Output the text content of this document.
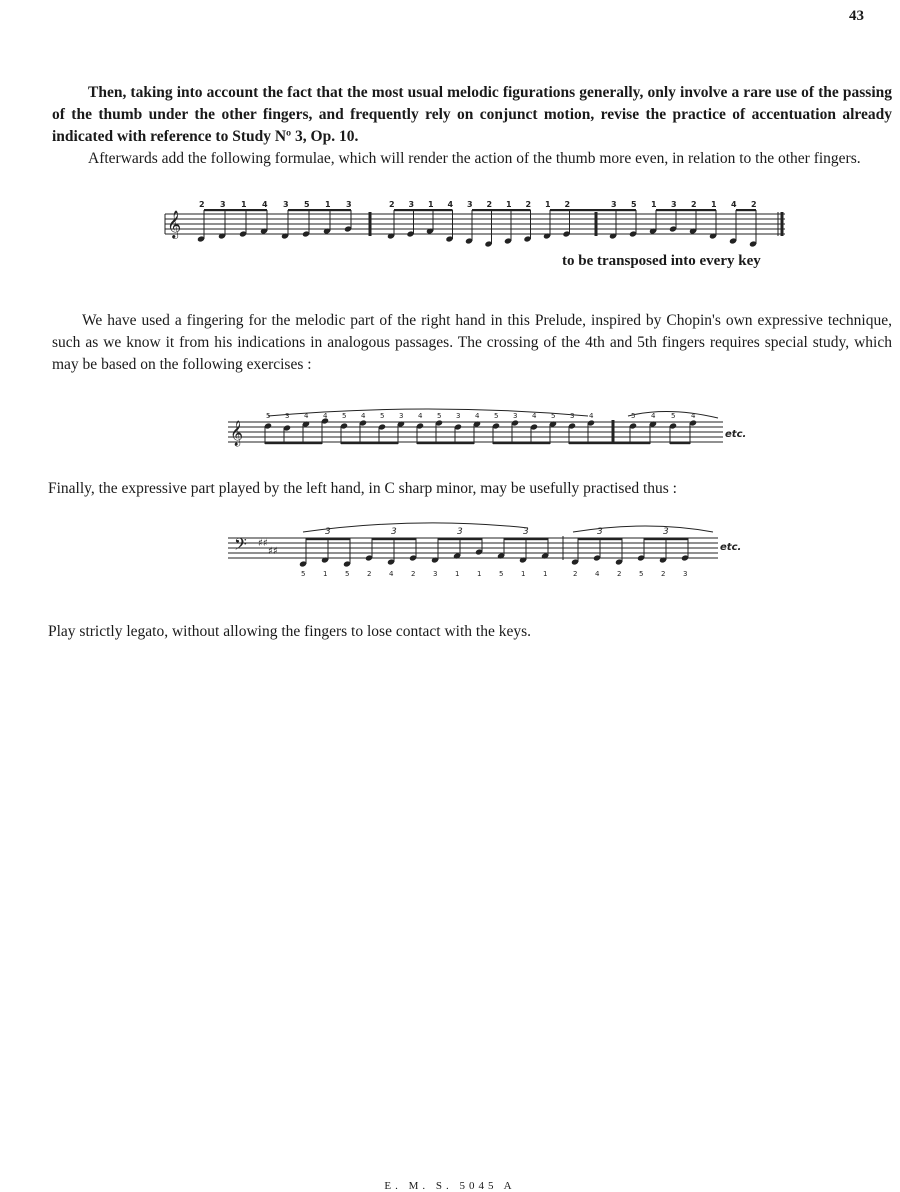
43

Then, taking into account the fact that the most usual melodic figurations generally, only involve a rare use of the passing of the thumb under the other fingers, and frequently rely on conjunct motion, revise the practice of accentuation already indicated with reference to Study Nº 3, Op. 10.

Afterwards add the following formulae, which will render the action of the thumb more even, in relation to the other fingers.

𝄞
2 3 1 4 3 5 1 3	2 3 1 4 3 2 1 2 1 2	3 5 1 3 2 1 4 2
to be transposed into every key

We have used a fingering for the melodic part of the right hand in this Prelude, inspired by Chopin's own expressive technique, such as we know it from his indications in analogous passages. The crossing of the 4th and 5th fingers requires special study, which may be based on the following exercises :

𝄞
5 3 4 4 5 4 5 3 4 5 3 4 5 3 4 5 3 4	5 4 5 4
etc.

Finally, the expressive part played by the left hand, in C sharp minor, may be usefully practised thus :

𝄢 ♯♯
♯♯
3	3	3	3	3	3
5	1	5	2	4	2	3	1	1	5	1	1	2	4	2	5	2	3
etc.

Play strictly legato, without allowing the fingers to lose contact with the keys.

E. M. S. 5045 A
